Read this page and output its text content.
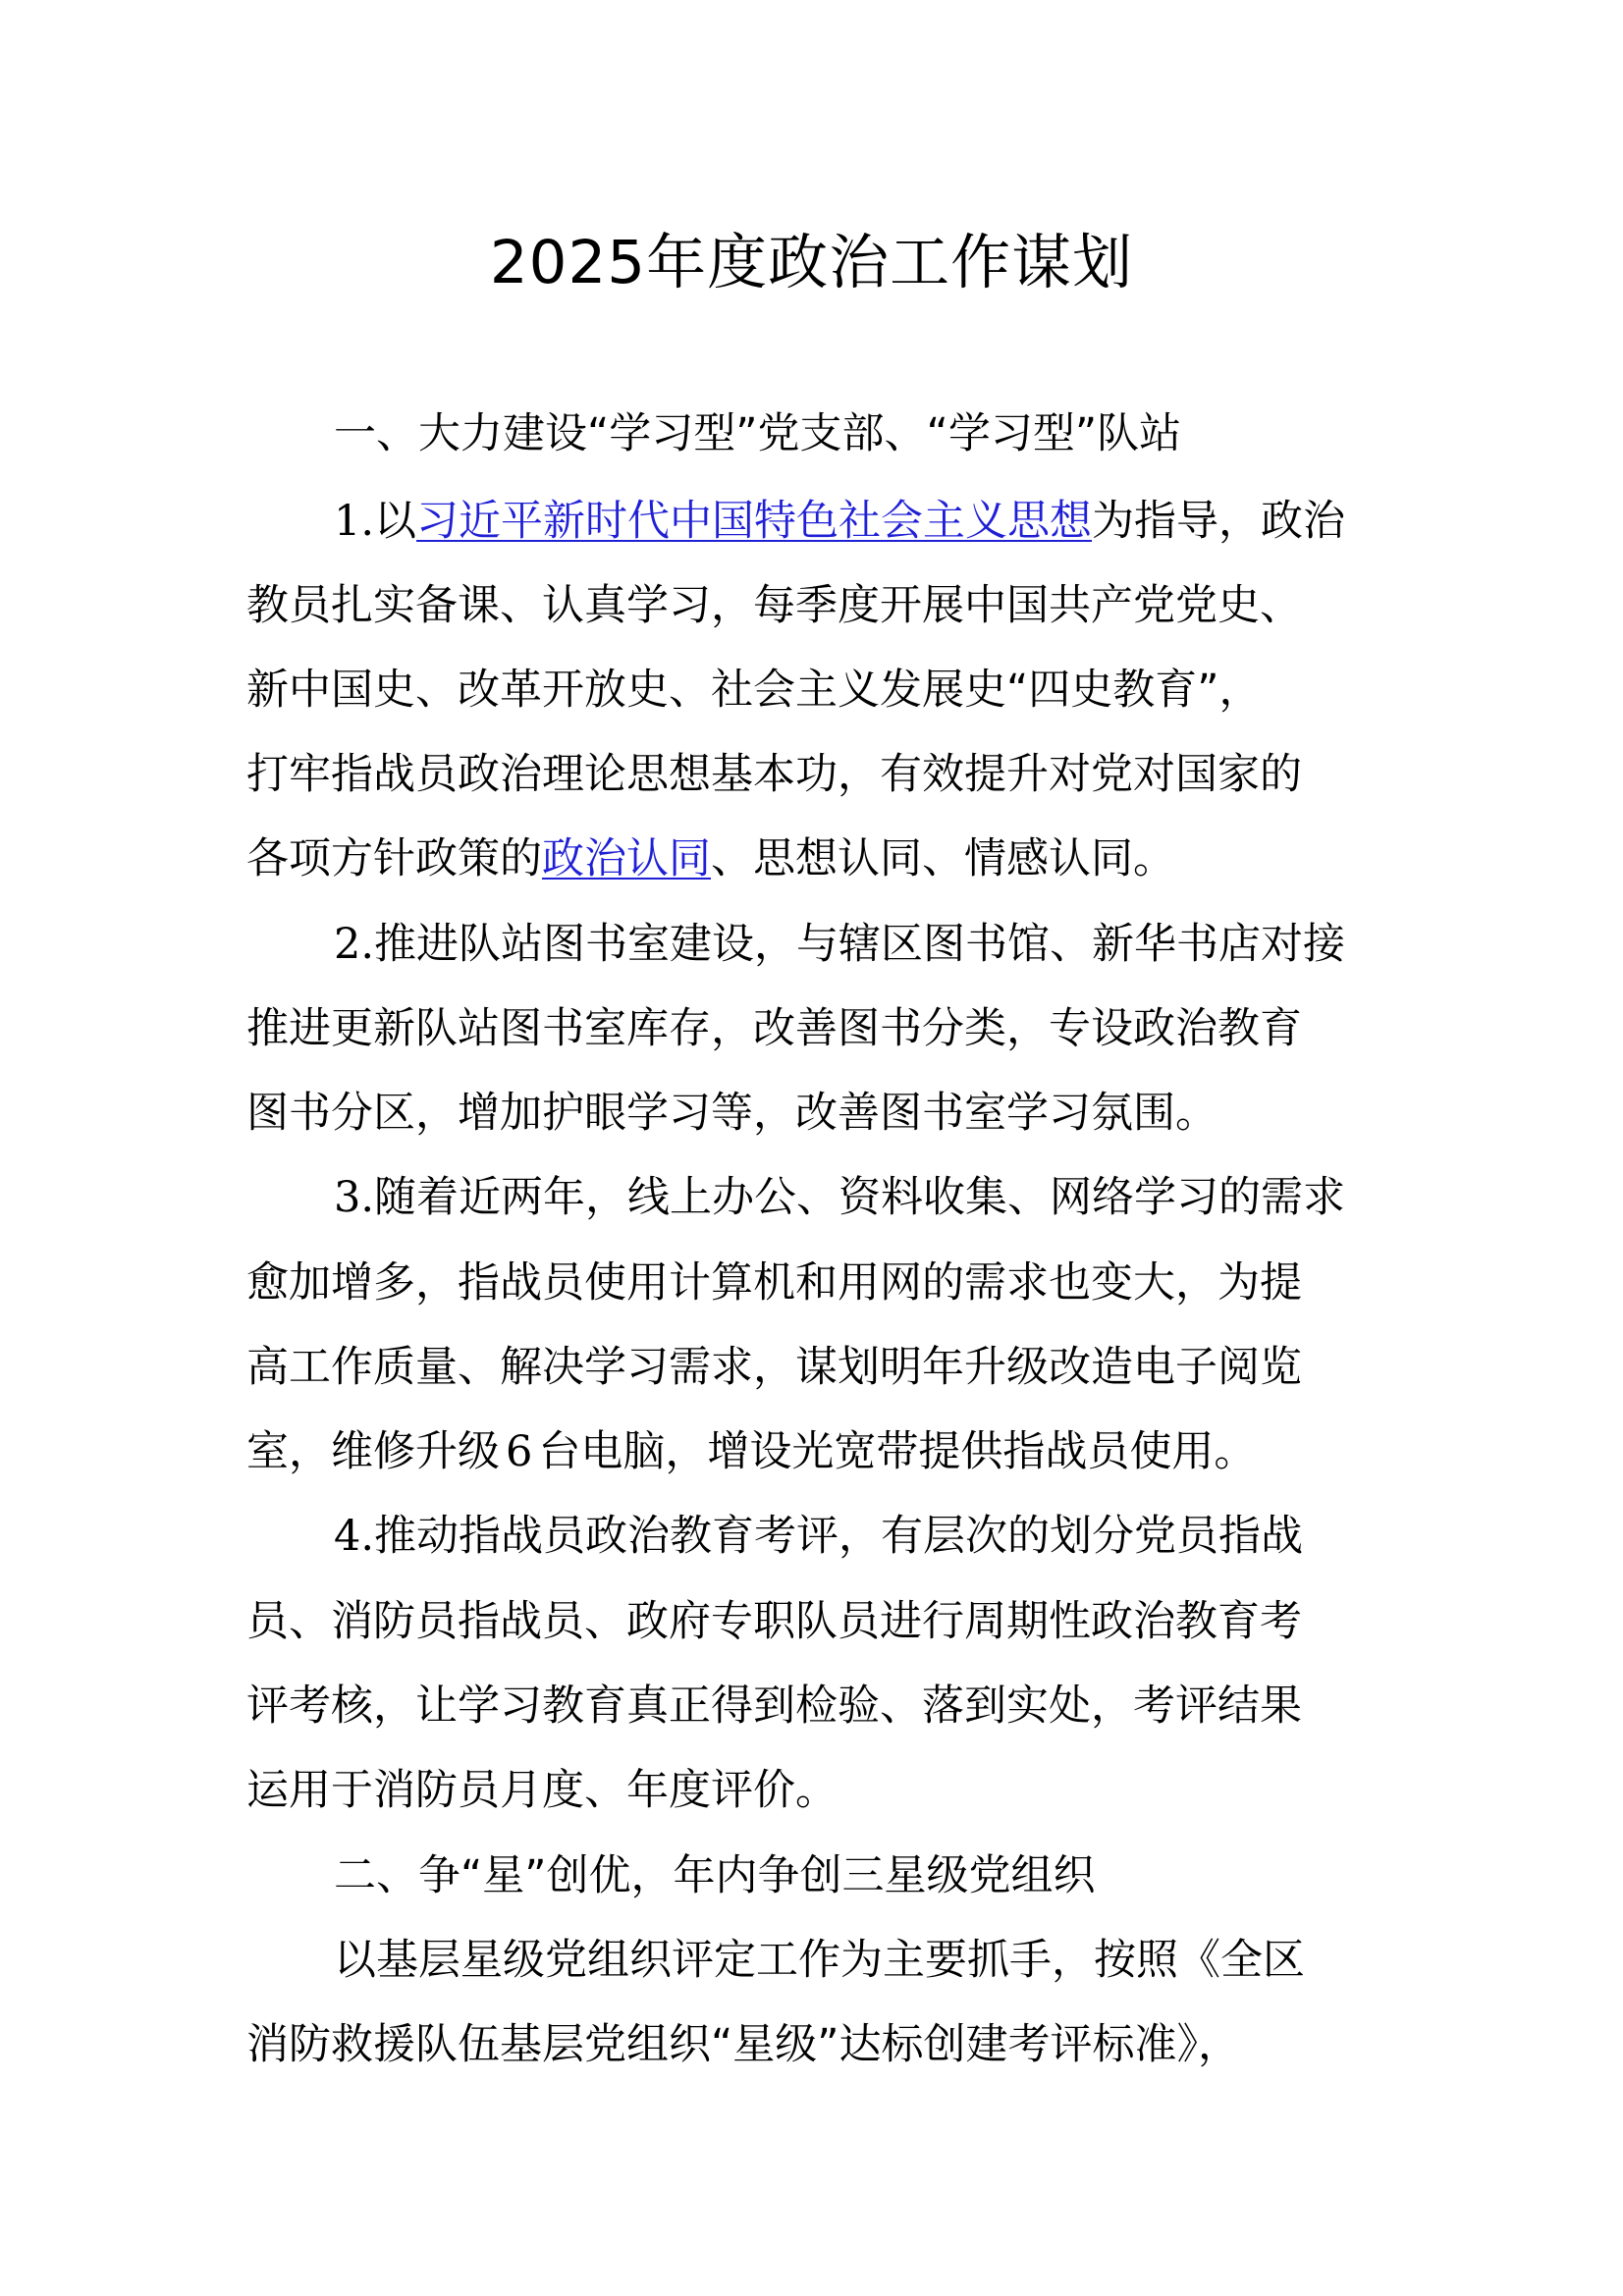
2025年度政治工作谋划

一、大力建设“学习型”党支部、“学习型”队站

1.以习近平新时代中国特色社会主义思想为指导，政治

教员扎实备课、认真学习，每季度开展中国共产党党史、

新中国史、改革开放史、社会主义发展史“四史教育”，

打牢指战员政治理论思想基本功，有效提升对党对国家的

各项方针政策的政治认同、思想认同、情感认同。

2.推进队站图书室建设，与辖区图书馆、新华书店对接

推进更新队站图书室库存，改善图书分类，专设政治教育

图书分区，增加护眼学习等，改善图书室学习氛围。

3.随着近两年，线上办公、资料收集、网络学习的需求

愈加增多，指战员使用计算机和用网的需求也变大，为提

高工作质量、解决学习需求，谋划明年升级改造电子阅览

室，维修升级 6 台电脑，增设光宽带提供指战员使用。

4.推动指战员政治教育考评，有层次的划分党员指战

员、消防员指战员、政府专职队员进行周期性政治教育考

评考核，让学习教育真正得到检验、落到实处，考评结果

运用于消防员月度、年度评价。

二、争“星”创优，年内争创三星级党组织

以基层星级党组织评定工作为主要抓手，按照《全区

消防救援队伍基层党组织“星级”达标创建考评标准》，
